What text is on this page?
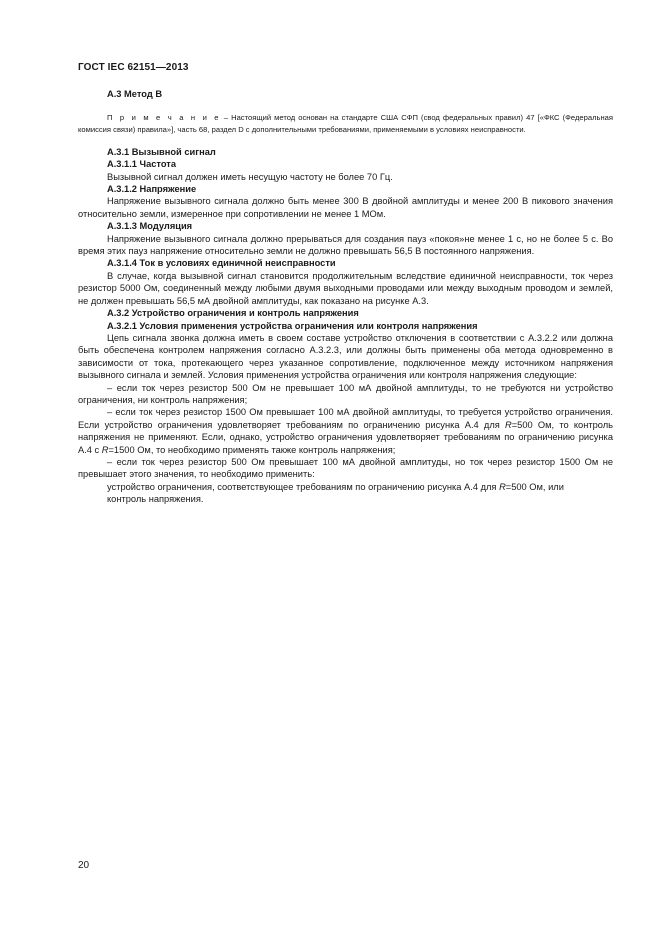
ГОСТ IEC 62151—2013

А.3 Метод В

П р и м е ч а н и е – Настоящий метод основан на стандарте США СФП (свод федеральных правил) 47 [«ФКС (Федеральная комиссия связи) правила»], часть 68, раздел D с дополнительными требованиями, применяемыми в условиях неисправности.

А.3.1 Вызывной сигнал

А.3.1.1 Частота

Вызывной сигнал должен иметь несущую частоту не более 70 Гц.

А.3.1.2 Напряжение

Напряжение вызывного сигнала должно быть менее 300 В двойной амплитуды и менее 200 В пикового значения относительно земли, измеренное при сопротивлении не менее 1 МОм.

А.3.1.3 Модуляция

Напряжение вызывного сигнала должно прерываться для создания пауз «покоя»не менее 1 с, но не более 5 с. Во время этих пауз напряжение относительно земли не должно превышать 56,5 В постоянного напряжения.

А.3.1.4 Ток в условиях единичной неисправности

В случае, когда вызывной сигнал становится продолжительным вследствие единичной неисправности, ток через резистор 5000 Ом, соединенный между любыми двумя выходными проводами или между выходным проводом и землей, не должен превышать 56,5 мА двойной амплитуды, как показано на рисунке А.3.

А.3.2 Устройство ограничения и контроль напряжения

А.3.2.1 Условия применения устройства ограничения или контроля напряжения

Цепь сигнала звонка должна иметь в своем составе устройство отключения в соответствии с А.3.2.2 или должна быть обеспечена контролем напряжения согласно А.3.2.3, или должны быть применены оба метода одновременно в зависимости от тока, протекающего через указанное сопротивление, подключенное между источником напряжения вызывного сигнала и землей. Условия применения устройства ограничения или контроля напряжения следующие:

– если ток через резистор 500 Ом не превышает 100 мА двойной амплитуды, то не требуются ни устройство ограничения, ни контроль напряжения;

– если ток через резистор 1500 Ом превышает 100 мА двойной амплитуды, то требуется устройство ограничения. Если устройство ограничения удовлетворяет требованиям по ограничению рисунка А.4 для R=500 Ом, то контроль напряжения не применяют. Если, однако, устройство ограничения удовлетворяет требованиям по ограничению рисунка А.4 с R=1500 Ом, то необходимо применять также контроль напряжения;

– если ток через резистор 500 Ом превышает 100 мА двойной амплитуды, но ток через резистор 1500 Ом не превышает этого значения, то необходимо применить:

устройство ограничения, соответствующее требованиям по ограничению рисунка А.4 для R=500 Ом, или

контроль напряжения.

20
